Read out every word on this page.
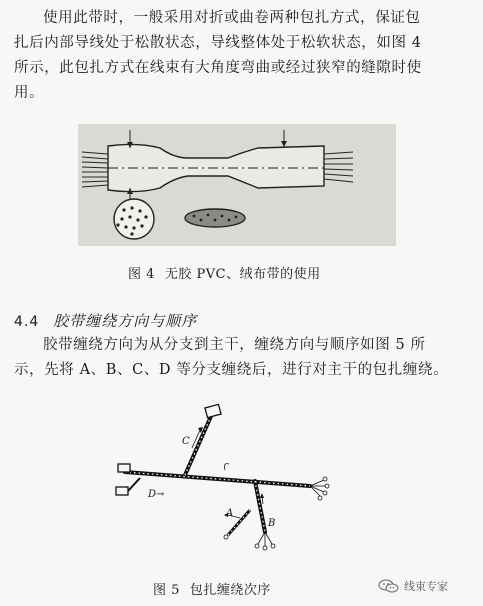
使用此带时，一般采用对折或曲卷两种包扎方式，保证包

扎后内部导线处于松散状态，导线整体处于松软状态，如图 4

所示，此包扎方式在线束有大角度弯曲或经过狭窄的缝隙时使

用。

图 4 无胶 PVC、绒布带的使用
4.4 胶带缠绕方向与顺序

胶带缠绕方向为从分支到主干，缠绕方向与顺序如图 5 所

示，先将 A、B、C、D 等分支缠绕后，进行对主干的包扎缠绕。

C
D→
A
B
图 5 包扎缠绕次序	线束专家
